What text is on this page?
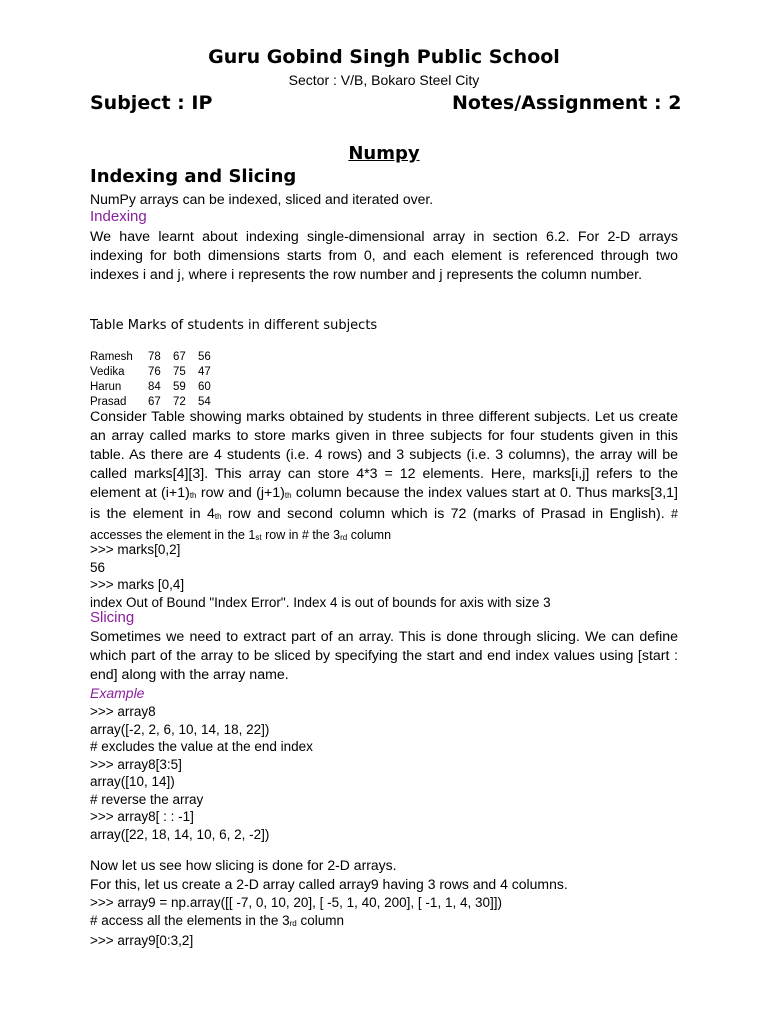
Guru Gobind Singh Public School
Sector : V/B, Bokaro Steel City
Subject : IP	Notes/Assignment : 2
Numpy
Indexing and Slicing
NumPy arrays can be indexed, sliced and iterated over.
Indexing
We have learnt about indexing single-dimensional array in section 6.2. For 2-D arrays indexing for both dimensions starts from 0, and each element is referenced through two indexes i and j, where i represents the row number and j represents the column number.
Table Marks of students in different subjects
Ramesh	78	67	56
Vedika	76	75	47
Harun	84	59	60
Prasad	67	72	54
Consider Table showing marks obtained by students in three different subjects. Let us create an array called marks to store marks given in three subjects for four students given in this table. As there are 4 students (i.e. 4 rows) and 3 subjects (i.e. 3 columns), the array will be called marks[4][3]. This array can store 4*3 = 12 elements. Here, marks[i,j] refers to the element at $(i+1)_{th}$ row and $(j+1)_{th}$ column because the index values start at 0. Thus marks[3,1] is the element in $4_{th}$ row and second column which is 72 (marks of Prasad in English). # accesses the element in the $1_{st}$ row in # the $3_{rd}$ column
>>> marks[0,2]
56
>>> marks [0,4]
index Out of Bound "Index Error". Index 4 is out of bounds for axis with size 3
Slicing
Sometimes we need to extract part of an array. This is done through slicing. We can define which part of the array to be sliced by specifying the start and end index values using [start : end] along with the array name.
Example
>>> array8
array([-2, 2, 6, 10, 14, 18, 22])
# excludes the value at the end index
>>> array8[3:5]
array([10, 14])
# reverse the array
>>> array8[ : : -1]
array([22, 18, 14, 10, 6, 2, -2])
Now let us see how slicing is done for 2-D arrays.
For this, let us create a 2-D array called array9 having 3 rows and 4 columns.
>>> array9 = np.array([[ -7, 0, 10, 20], [ -5, 1, 40, 200], [ -1, 1, 4, 30]])
# access all the elements in the $3_{rd}$ column
>>> array9[0:3,2]
